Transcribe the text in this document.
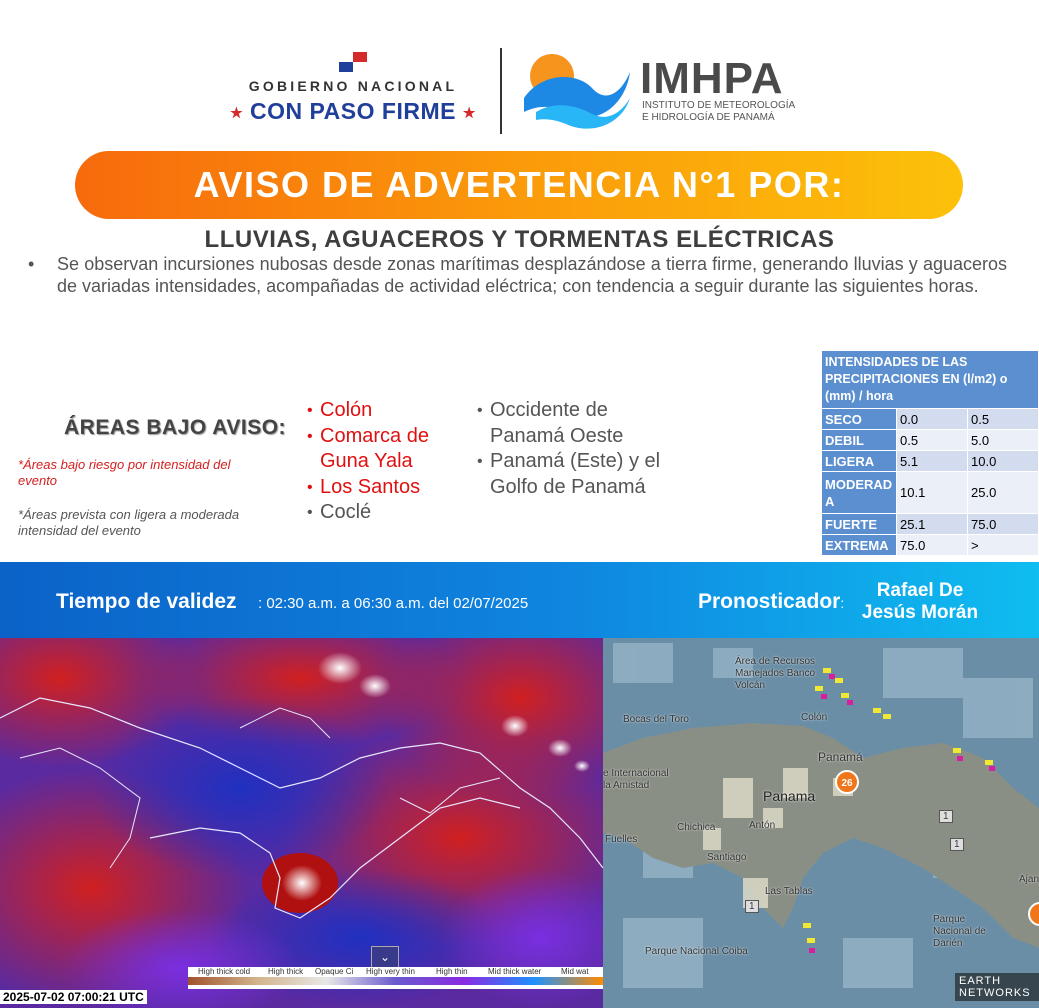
GOBIERNO NACIONAL
★ CON PASO FIRME ★
IMHPA
INSTITUTO DE METEOROLOGÍA
E HIDROLOGÍA DE PANAMÁ
AVISO DE ADVERTENCIA N°1 POR:
LLUVIAS, AGUACEROS Y TORMENTAS ELÉCTRICAS
• Se observan incursiones nubosas desde zonas marítimas desplazándose a tierra firme, generando lluvias y aguaceros de variadas intensidades, acompañadas de actividad eléctrica; con tendencia a seguir durante las siguientes horas.
ÁREAS BAJO AVISO:
*Áreas bajo riesgo por intensidad del evento
*Áreas prevista con ligera a moderada intensidad del evento
• Colón
• Comarca de Guna Yala
• Los Santos
• Coclé
• Occidente de Panamá Oeste
• Panamá (Este) y el Golfo de Panamá
INTENSIDADES DE LAS PRECIPITACIONES EN (l/m2) o (mm) / hora		
SECO	0.0	0.5
DEBIL	0.5	5.0
LIGERA	5.1	10.0
MODERADA	10.1	25.0
FUERTE	25.1	75.0
EXTREMA	75.0	>
Tiempo de validez : 02:30 a.m. a 06:30 a.m. del 02/07/2025	Pronosticador:
Rafael De Jesús Morán
⌄
High thick cold High thick Opaque Ci High very thin	High thin	Mid thick water Mid wat
2025-07-02 07:00:21 UTC
Área de Recursos Manejados Banco Volcán
Bocas del Toro	Colón
Panamá
Panama
e Internacional la Amistad
Chichica	Antón
Fuelles
Santiago
Las Tablas
Parque Nacional Coiba
Parque Nacional de Darién
Ajan
26
1
1
1
EARTH NETWORKS
